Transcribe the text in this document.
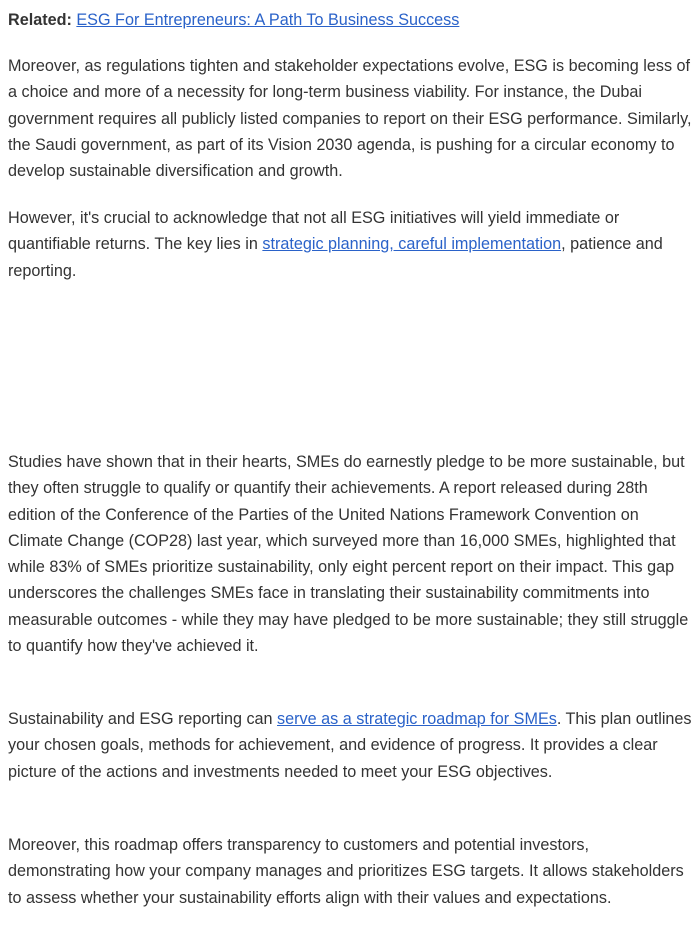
Related: ESG For Entrepreneurs: A Path To Business Success

Moreover, as regulations tighten and stakeholder expectations evolve, ESG is becoming less of a choice and more of a necessity for long-term business viability. For instance, the Dubai government requires all publicly listed companies to report on their ESG performance. Similarly, the Saudi government, as part of its Vision 2030 agenda, is pushing for a circular economy to develop sustainable diversification and growth.

However, it's crucial to acknowledge that not all ESG initiatives will yield immediate or quantifiable returns. The key lies in strategic planning, careful implementation, patience and reporting.

Studies have shown that in their hearts, SMEs do earnestly pledge to be more sustainable, but they often struggle to qualify or quantify their achievements. A report released during 28th edition of the Conference of the Parties of the United Nations Framework Convention on Climate Change (COP28) last year, which surveyed more than 16,000 SMEs, highlighted that while 83% of SMEs prioritize sustainability, only eight percent report on their impact. This gap underscores the challenges SMEs face in translating their sustainability commitments into measurable outcomes - while they may have pledged to be more sustainable; they still struggle to quantify how they've achieved it.

Sustainability and ESG reporting can serve as a strategic roadmap for SMEs. This plan outlines your chosen goals, methods for achievement, and evidence of progress. It provides a clear picture of the actions and investments needed to meet your ESG objectives.

Moreover, this roadmap offers transparency to customers and potential investors, demonstrating how your company manages and prioritizes ESG targets. It allows stakeholders to assess whether your sustainability efforts align with their values and expectations.
